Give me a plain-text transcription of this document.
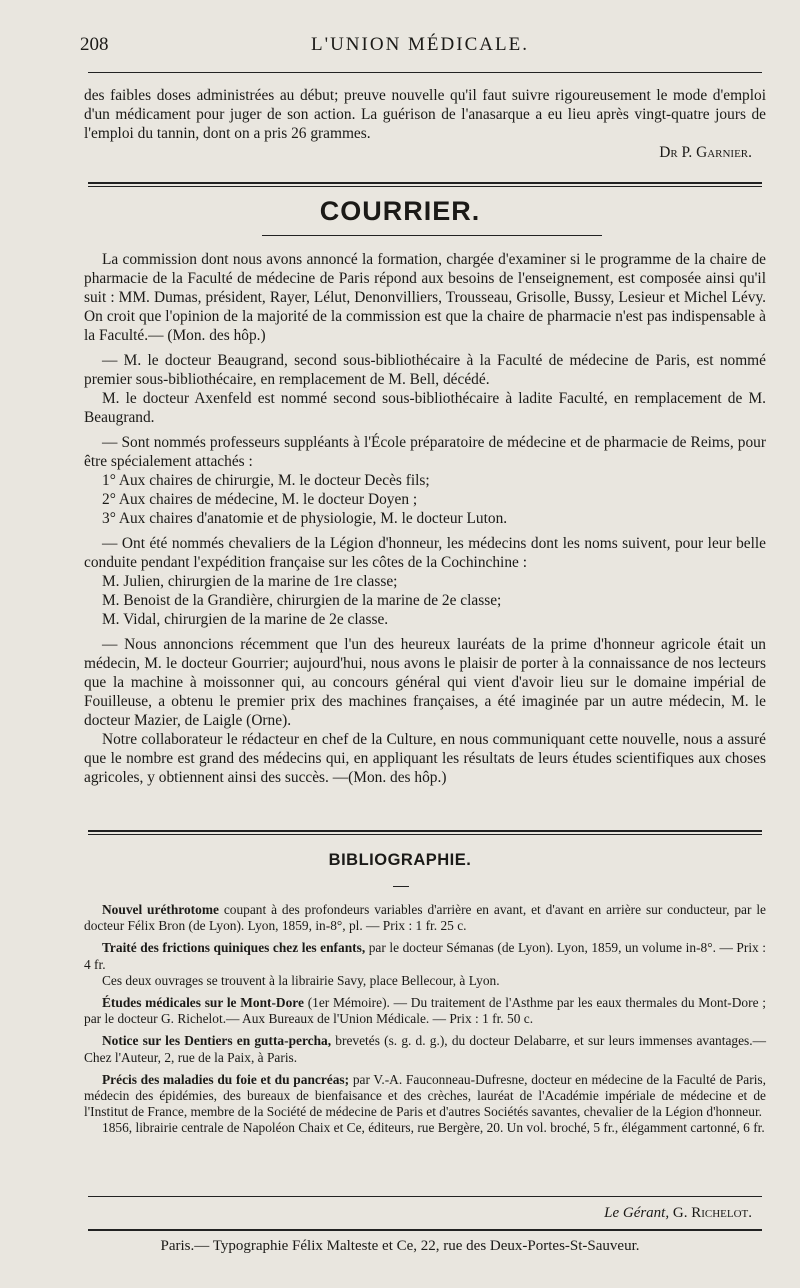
208	L'UNION MÉDICALE.

des faibles doses administrées au début; preuve nouvelle qu'il faut suivre rigoureusement le mode d'emploi d'un médicament pour juger de son action. La guérison de l'anasarque a eu lieu après vingt-quatre jours de l'emploi du tannin, dont on a pris 26 grammes.

Dr P. Garnier.

COURRIER.

La commission dont nous avons annoncé la formation, chargée d'examiner si le programme de la chaire de pharmacie de la Faculté de médecine de Paris répond aux besoins de l'enseignement, est composée ainsi qu'il suit : MM. Dumas, président, Rayer, Lélut, Denonvilliers, Trousseau, Grisolle, Bussy, Lesieur et Michel Lévy. On croit que l'opinion de la majorité de la commission est que la chaire de pharmacie n'est pas indispensable à la Faculté.— (Mon. des hôp.)

— M. le docteur Beaugrand, second sous-bibliothécaire à la Faculté de médecine de Paris, est nommé premier sous-bibliothécaire, en remplacement de M. Bell, décédé.

M. le docteur Axenfeld est nommé second sous-bibliothécaire à ladite Faculté, en remplacement de M. Beaugrand.

— Sont nommés professeurs suppléants à l'École préparatoire de médecine et de pharmacie de Reims, pour être spécialement attachés :

1° Aux chaires de chirurgie, M. le docteur Decès fils;

2° Aux chaires de médecine, M. le docteur Doyen ;

3° Aux chaires d'anatomie et de physiologie, M. le docteur Luton.

— Ont été nommés chevaliers de la Légion d'honneur, les médecins dont les noms suivent, pour leur belle conduite pendant l'expédition française sur les côtes de la Cochinchine :

M. Julien, chirurgien de la marine de 1re classe;

M. Benoist de la Grandière, chirurgien de la marine de 2e classe;

M. Vidal, chirurgien de la marine de 2e classe.

— Nous annoncions récemment que l'un des heureux lauréats de la prime d'honneur agricole était un médecin, M. le docteur Gourrier; aujourd'hui, nous avons le plaisir de porter à la connaissance de nos lecteurs que la machine à moissonner qui, au concours général qui vient d'avoir lieu sur le domaine impérial de Fouilleuse, a obtenu le premier prix des machines françaises, a été imaginée par un autre médecin, M. le docteur Mazier, de Laigle (Orne).

Notre collaborateur le rédacteur en chef de la Culture, en nous communiquant cette nouvelle, nous a assuré que le nombre est grand des médecins qui, en appliquant les résultats de leurs études scientifiques aux choses agricoles, y obtiennent ainsi des succès. —(Mon. des hôp.)

BIBLIOGRAPHIE.

Nouvel uréthrotome coupant à des profondeurs variables d'arrière en avant, et d'avant en arrière sur conducteur, par le docteur Félix Bron (de Lyon). Lyon, 1859, in-8°, pl. — Prix : 1 fr. 25 c.

Traité des frictions quiniques chez les enfants, par le docteur Sémanas (de Lyon). Lyon, 1859, un volume in-8°. — Prix : 4 fr.

Ces deux ouvrages se trouvent à la librairie Savy, place Bellecour, à Lyon.

Études médicales sur le Mont-Dore (1er Mémoire). — Du traitement de l'Asthme par les eaux thermales du Mont-Dore ; par le docteur G. Richelot.— Aux Bureaux de l'Union Médicale. — Prix : 1 fr. 50 c.

Notice sur les Dentiers en gutta-percha, brevetés (s. g. d. g.), du docteur Delabarre, et sur leurs immenses avantages.— Chez l'Auteur, 2, rue de la Paix, à Paris.

Précis des maladies du foie et du pancréas; par V.-A. Fauconneau-Dufresne, docteur en médecine de la Faculté de Paris, médecin des épidémies, des bureaux de bienfaisance et des crèches, lauréat de l'Académie impériale de médecine et de l'Institut de France, membre de la Société de médecine de Paris et d'autres Sociétés savantes, chevalier de la Légion d'honneur.

1856, librairie centrale de Napoléon Chaix et Ce, éditeurs, rue Bergère, 20. Un vol. broché, 5 fr., élégamment cartonné, 6 fr.

Le Gérant, G. Richelot.
Paris.— Typographie Félix Malteste et Ce, 22, rue des Deux-Portes-St-Sauveur.
